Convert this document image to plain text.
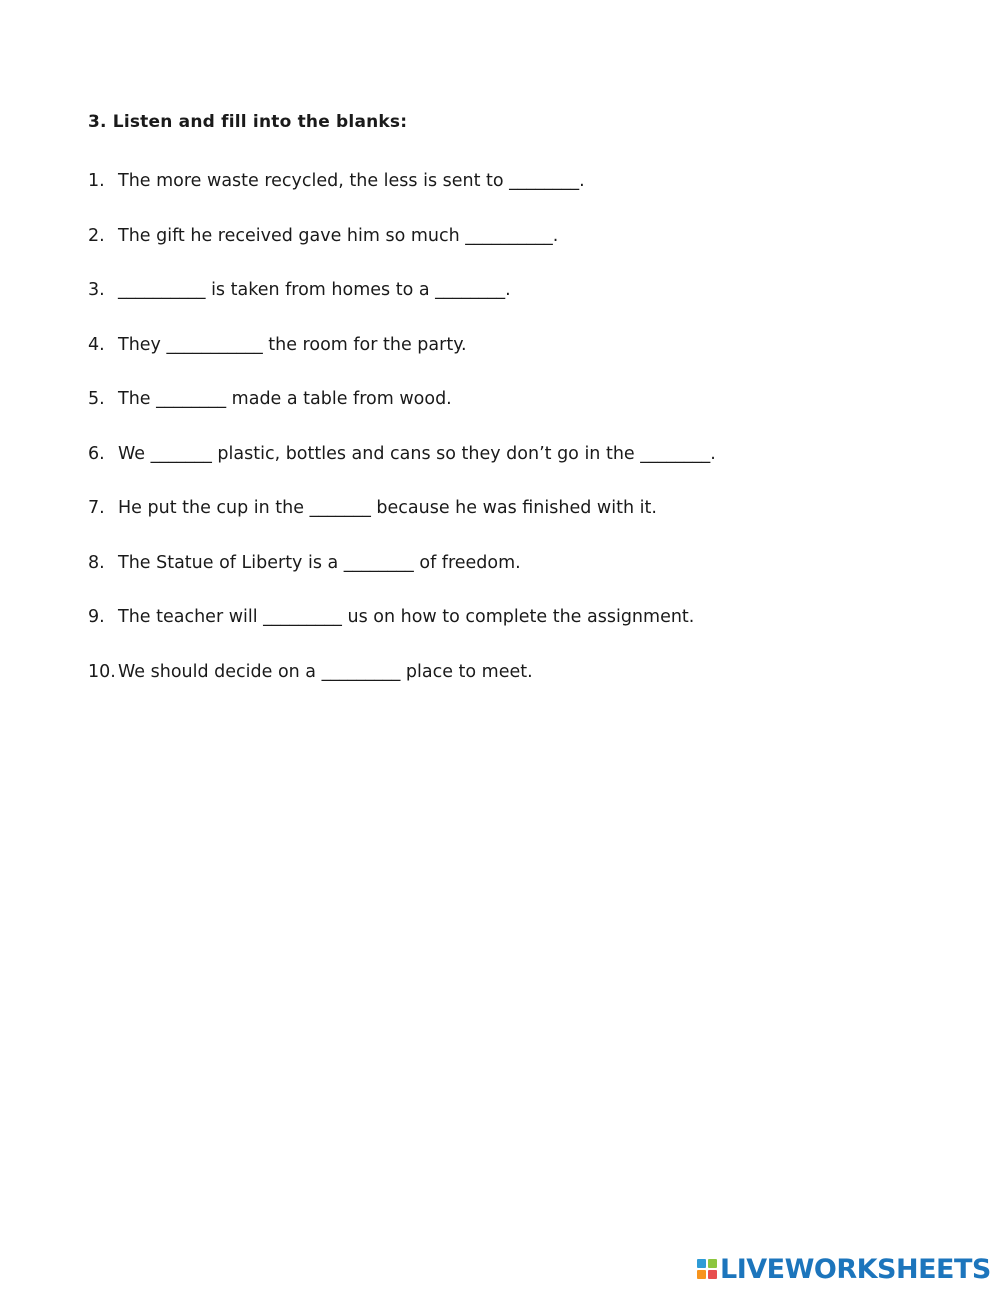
3. Listen and fill into the blanks:
1. The more waste recycled, the less is sent to ________.
2. The gift he received gave him so much __________.
3. __________ is taken from homes to a ________.
4. They ___________ the room for the party.
5. The ________ made a table from wood.
6. We _______ plastic, bottles and cans so they don’t go in the ________.
7. He put the cup in the _______ because he was finished with it.
8. The Statue of Liberty is a ________ of freedom.
9. The teacher will _________ us on how to complete the assignment.
10. We should decide on a _________ place to meet.
LIVEWORKSHEETS
